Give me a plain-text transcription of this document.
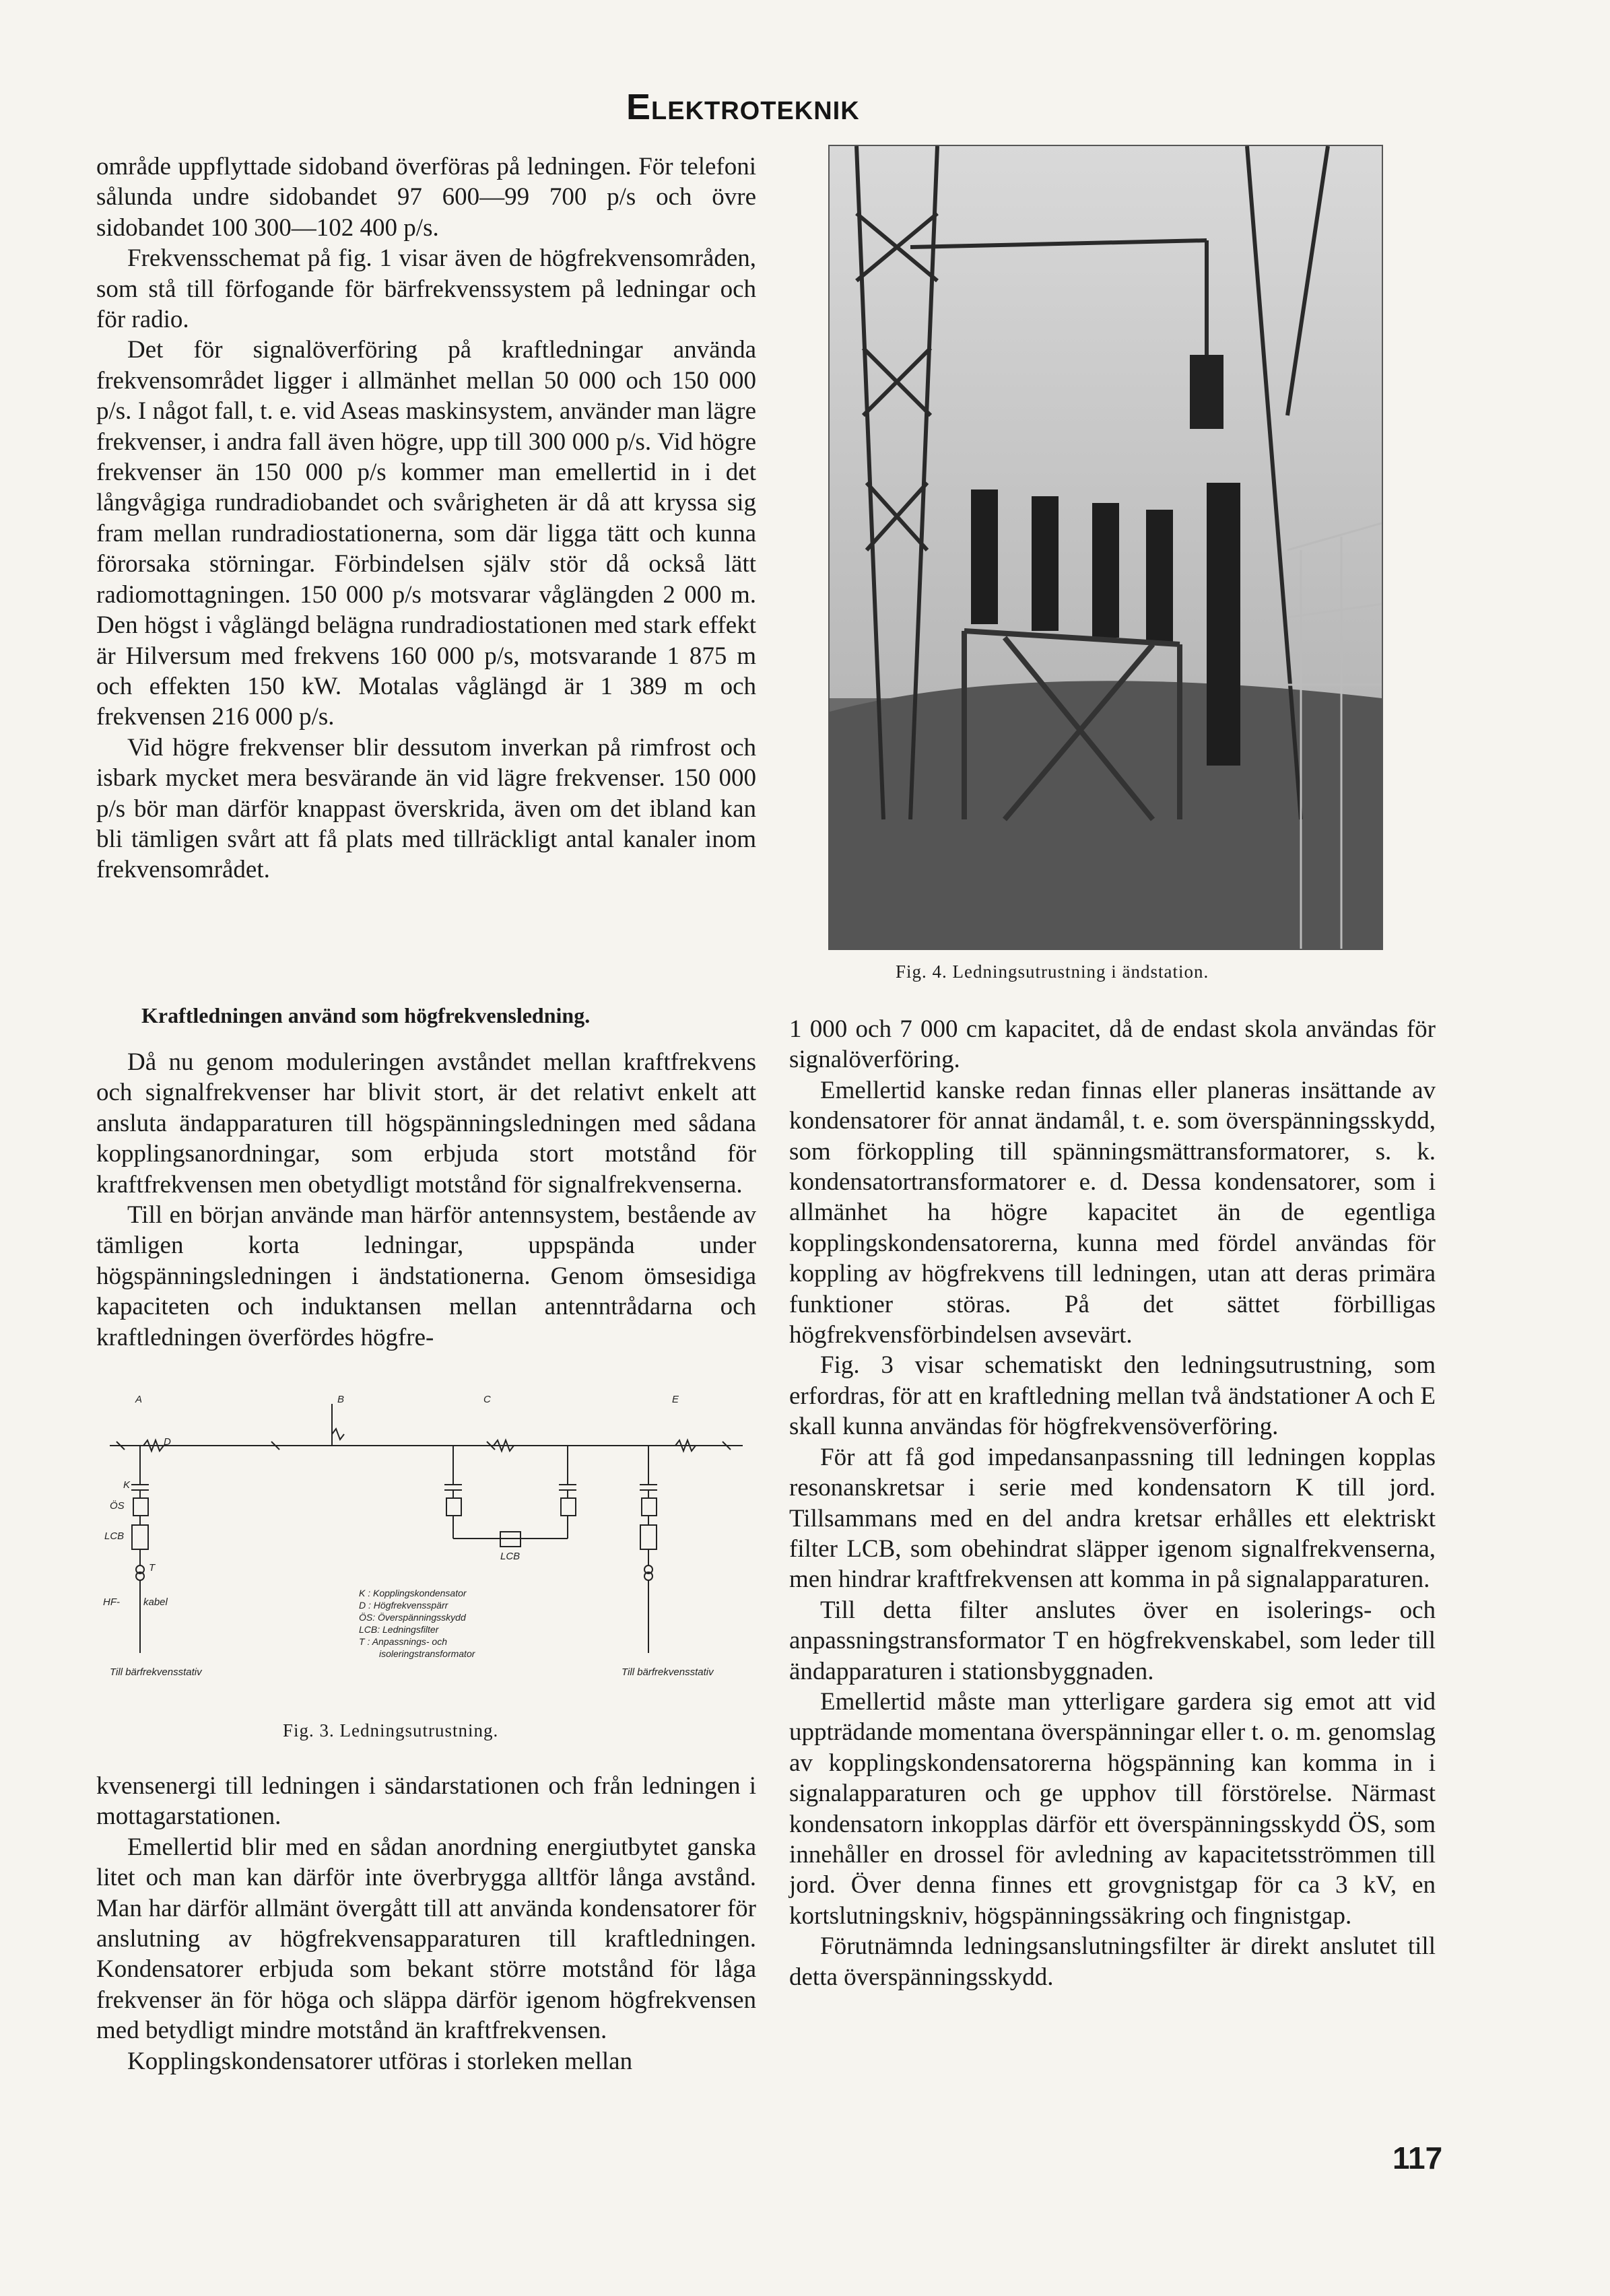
Elektroteknik

område uppflyttade sidoband överföras på ledningen. För telefoni sålunda undre sidobandet 97 600—99 700 p/s och övre sidobandet 100 300—102 400 p/s.

Frekvensschemat på fig. 1 visar även de högfrekvensområden, som stå till förfogande för bärfrekvenssystem på ledningar och för radio.

Det för signalöverföring på kraftledningar använda frekvensområdet ligger i allmänhet mellan 50 000 och 150 000 p/s. I något fall, t. e. vid Aseas maskinsystem, använder man lägre frekvenser, i andra fall även högre, upp till 300 000 p/s. Vid högre frekvenser än 150 000 p/s kommer man emellertid in i det långvågiga rundradiobandet och svårigheten är då att kryssa sig fram mellan rundradiostationerna, som där ligga tätt och kunna förorsaka störningar. Förbindelsen själv stör då också lätt radiomottagningen. 150 000 p/s motsvarar våglängden 2 000 m. Den högst i våglängd belägna rundradiostationen med stark effekt är Hilversum med frekvens 160 000 p/s, motsvarande 1 875 m och effekten 150 kW. Motalas våglängd är 1 389 m och frekvensen 216 000 p/s.

Vid högre frekvenser blir dessutom inverkan på rimfrost och isbark mycket mera besvärande än vid lägre frekvenser. 150 000 p/s bör man därför knappast överskrida, även om det ibland kan bli tämligen svårt att få plats med tillräckligt antal kanaler inom frekvensområdet.

Kraftledningen använd som högfrekvensledning.

Då nu genom moduleringen avståndet mellan kraftfrekvens och signalfrekvenser har blivit stort, är det relativt enkelt att ansluta ändapparaturen till högspänningsledningen med sådana kopplingsanordningar, som erbjuda stort motstånd för kraftfrekvensen men obetydligt motstånd för signalfrekvenserna.

Till en början använde man härför antennsystem, bestående av tämligen korta ledningar, uppspända under högspänningsledningen i ändstationerna. Genom ömsesidiga kapaciteten och induktansen mellan antenntrådarna och kraftledningen överfördes högfre-

A	B	C	E
D
K
ÖS
LCB
T
HF- kabel
LCB
K : Kopplingskondensator
D : Högfrekvensspärr
ÖS: Överspänningsskydd
LCB: Ledningsfilter
T : Anpassnings- och
isoleringstransformator
Till bärfrekvensstativ	Till bärfrekvensstativ
Fig. 3. Ledningsutrustning.

kvensenergi till ledningen i sändarstationen och från ledningen i mottagarstationen.

Emellertid blir med en sådan anordning energiutbytet ganska litet och man kan därför inte överbrygga alltför långa avstånd. Man har därför allmänt övergått till att använda kondensatorer för anslutning av högfrekvensapparaturen till kraftledningen. Kondensatorer erbjuda som bekant större motstånd för låga frekvenser än för höga och släppa därför igenom högfrekvensen med betydligt mindre motstånd än kraftfrekvensen.

Kopplingskondensatorer utföras i storleken mellan

Fig. 4. Ledningsutrustning i ändstation.

1 000 och 7 000 cm kapacitet, då de endast skola användas för signalöverföring.

Emellertid kanske redan finnas eller planeras insättande av kondensatorer för annat ändamål, t. e. som överspänningsskydd, som förkoppling till spänningsmättransformatorer, s. k. kondensatortransformatorer e. d. Dessa kondensatorer, som i allmänhet ha högre kapacitet än de egentliga kopplingskondensatorerna, kunna med fördel användas för koppling av högfrekvens till ledningen, utan att deras primära funktioner störas. På det sättet förbilligas högfrekvensförbindelsen avsevärt.

Fig. 3 visar schematiskt den ledningsutrustning, som erfordras, för att en kraftledning mellan två ändstationer A och E skall kunna användas för högfrekvensöverföring.

För att få god impedansanpassning till ledningen kopplas resonanskretsar i serie med kondensatorn K till jord. Tillsammans med en del andra kretsar erhålles ett elektriskt filter LCB, som obehindrat släpper igenom signalfrekvenserna, men hindrar kraftfrekvensen att komma in på signalapparaturen.

Till detta filter anslutes över en isolerings- och anpassningstransformator T en högfrekvenskabel, som leder till ändapparaturen i stationsbyggnaden.

Emellertid måste man ytterligare gardera sig emot att vid uppträdande momentana överspänningar eller t. o. m. genomslag av kopplingskondensatorerna högspänning kan komma in i signalapparaturen och ge upphov till förstörelse. Närmast kondensatorn inkopplas därför ett överspänningsskydd ÖS, som innehåller en drossel för avledning av kapacitetsströmmen till jord. Över denna finnes ett grovgnistgap för ca 3 kV, en kortslutningskniv, högspänningssäkring och fingnistgap.

Förutnämnda ledningsanslutningsfilter är direkt anslutet till detta överspänningsskydd.

117
